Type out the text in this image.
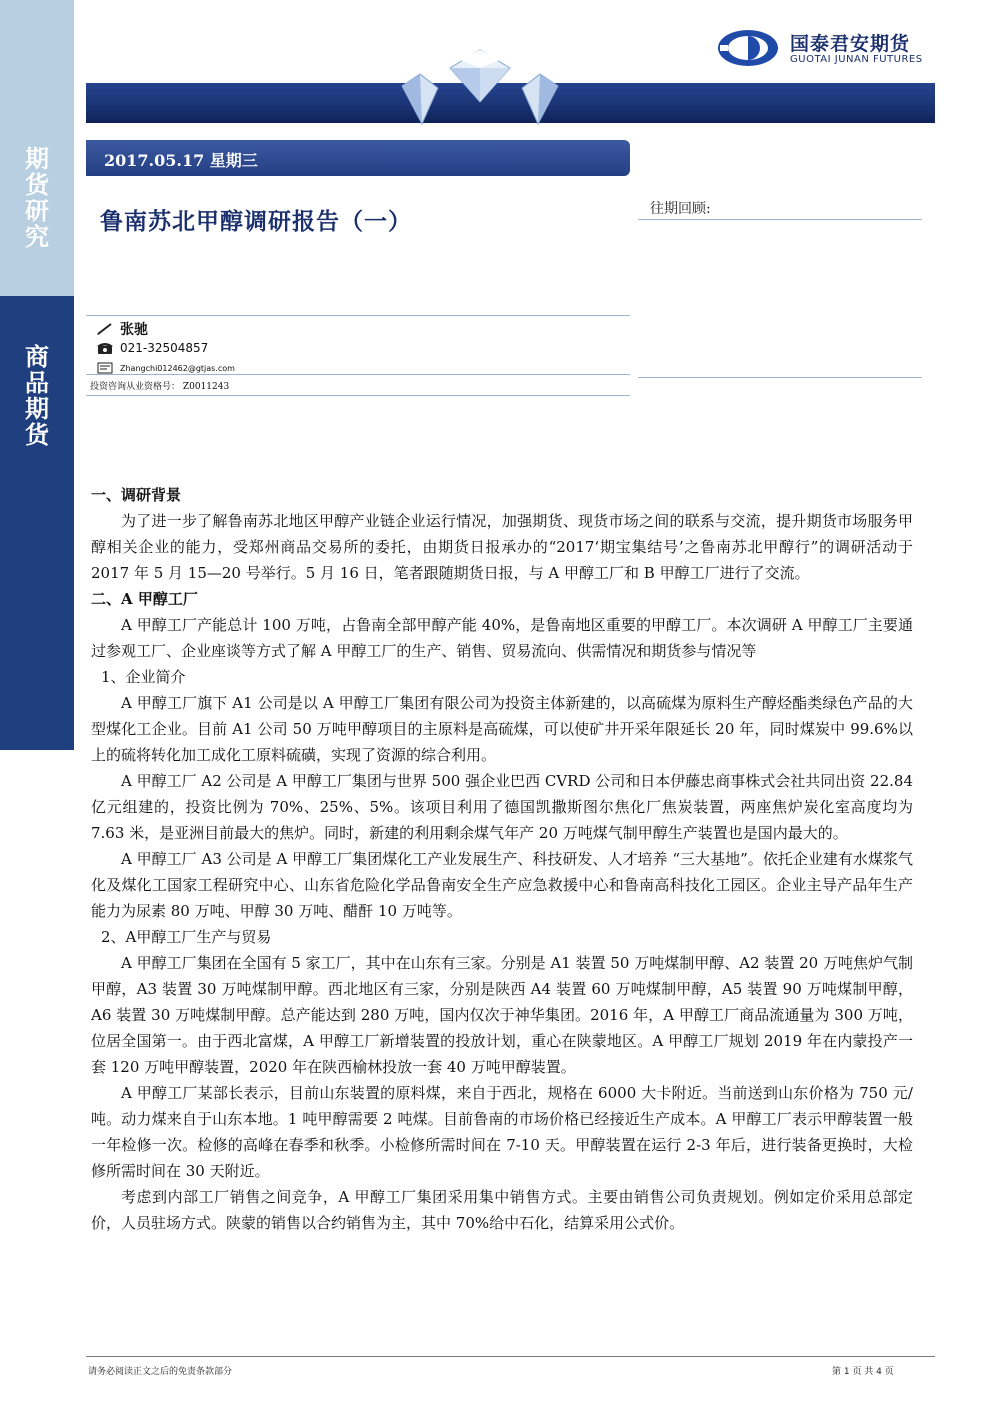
期
货
研
究
商
品
期
货
国泰君安期货
GUOTAI JUNAN FUTURES
2017.05.17 星期三
鲁南苏北甲醇调研报告（一）	往期回顾:
张驰
021-32504857
Zhangchi012462@gtjas.com
投资咨询从业资格号： Z0011243
一、调研背景
为了进一步了解鲁南苏北地区甲醇产业链企业运行情况，加强期货、现货市场之间的联系与交流，提升期货市场服务甲醇相关企业的能力，受郑州商品交易所的委托，由期货日报承办的“2017‘期宝集结号’之鲁南苏北甲醇行”的调研活动于 2017 年 5 月 15—20 号举行。5 月 16 日，笔者跟随期货日报，与 A 甲醇工厂和 B 甲醇工厂进行了交流。
二、A 甲醇工厂
A 甲醇工厂产能总计 100 万吨，占鲁南全部甲醇产能 40%，是鲁南地区重要的甲醇工厂。本次调研 A 甲醇工厂主要通过参观工厂、企业座谈等方式了解 A 甲醇工厂的生产、销售、贸易流向、供需情况和期货参与情况等
1、企业简介
A 甲醇工厂旗下 A1 公司是以 A 甲醇工厂集团有限公司为投资主体新建的，以高硫煤为原料生产醇烃酯类绿色产品的大型煤化工企业。目前 A1 公司 50 万吨甲醇项目的主原料是高硫煤，可以使矿井开采年限延长 20 年，同时煤炭中 99.6%以上的硫将转化加工成化工原料硫磺，实现了资源的综合利用。
A 甲醇工厂 A2 公司是 A 甲醇工厂集团与世界 500 强企业巴西 CVRD 公司和日本伊藤忠商事株式会社共同出资 22.84 亿元组建的，投资比例为 70%、25%、5%。该项目利用了德国凯撒斯图尔焦化厂焦炭装置，两座焦炉炭化室高度均为 7.63 米，是亚洲目前最大的焦炉。同时，新建的利用剩余煤气年产 20 万吨煤气制甲醇生产装置也是国内最大的。
A 甲醇工厂 A3 公司是 A 甲醇工厂集团煤化工产业发展生产、科技研发、人才培养 “三大基地”。依托企业建有水煤浆气化及煤化工国家工程研究中心、山东省危险化学品鲁南安全生产应急救援中心和鲁南高科技化工园区。企业主导产品年生产能力为尿素 80 万吨、甲醇 30 万吨、醋酐 10 万吨等。
2、A甲醇工厂生产与贸易
A 甲醇工厂集团在全国有 5 家工厂，其中在山东有三家。分别是 A1 装置 50 万吨煤制甲醇、A2 装置 20 万吨焦炉气制甲醇，A3 装置 30 万吨煤制甲醇。西北地区有三家，分别是陕西 A4 装置 60 万吨煤制甲醇，A5 装置 90 万吨煤制甲醇，A6 装置 30 万吨煤制甲醇。总产能达到 280 万吨，国内仅次于神华集团。2016 年，A 甲醇工厂商品流通量为 300 万吨，位居全国第一。由于西北富煤，A 甲醇工厂新增装置的投放计划，重心在陕蒙地区。A 甲醇工厂规划 2019 年在内蒙投产一套 120 万吨甲醇装置，2020 年在陕西榆林投放一套 40 万吨甲醇装置。
A 甲醇工厂某部长表示，目前山东装置的原料煤，来自于西北，规格在 6000 大卡附近。当前送到山东价格为 750 元/吨。动力煤来自于山东本地。1 吨甲醇需要 2 吨煤。目前鲁南的市场价格已经接近生产成本。A 甲醇工厂表示甲醇装置一般一年检修一次。检修的高峰在春季和秋季。小检修所需时间在 7-10 天。甲醇装置在运行 2-3 年后，进行装备更换时，大检修所需时间在 30 天附近。
考虑到内部工厂销售之间竞争，A 甲醇工厂集团采用集中销售方式。主要由销售公司负责规划。例如定价采用总部定价，人员驻场方式。陕蒙的销售以合约销售为主，其中 70%给中石化，结算采用公式价。
请务必阅读正文之后的免责条款部分	第 1 页 共 4 页
